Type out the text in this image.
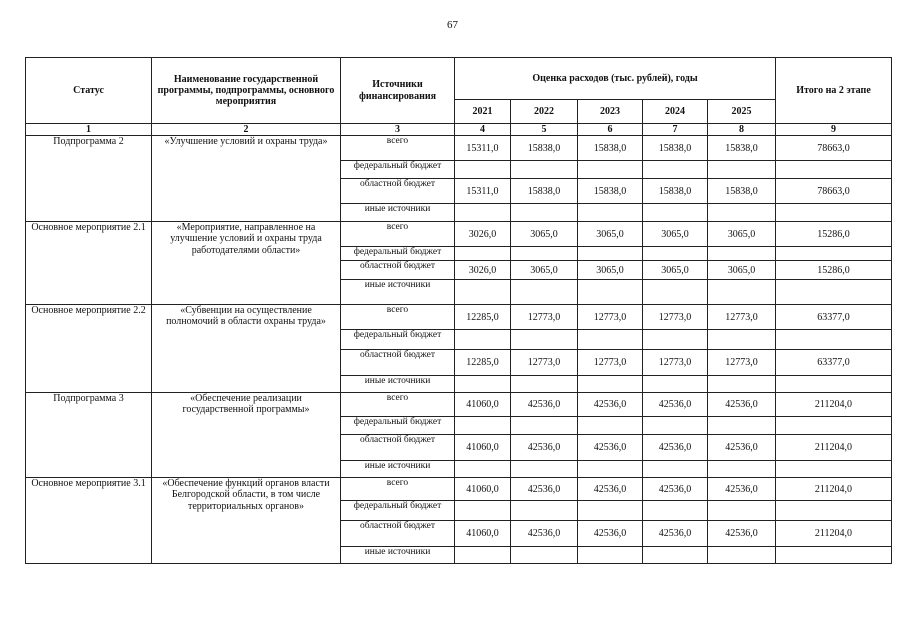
67
Статус	Наименование государственной программы, подпрограммы, основного мероприятия	Источники финансирования	Оценка расходов (тыс. рублей), годы					Итого на 2 этапе
			2021	2022	2023	2024	2025	
1	2	3	4	5	6	7	8	9
Подпрограмма 2	«Улучшение условий и охраны труда»	всего	15311,0	15838,0	15838,0	15838,0	15838,0	78663,0
		федеральный бюджет						
		областной бюджет	15311,0	15838,0	15838,0	15838,0	15838,0	78663,0
		иные источники						
Основное мероприятие 2.1	«Мероприятие, направленное на улучшение условий и охраны труда работодателями области»	всего	3026,0	3065,0	3065,0	3065,0	3065,0	15286,0
		федеральный бюджет						
		областной бюджет	3026,0	3065,0	3065,0	3065,0	3065,0	15286,0
		иные источники						
Основное мероприятие 2.2	«Субвенции на осуществление полномочий в области охраны труда»	всего	12285,0	12773,0	12773,0	12773,0	12773,0	63377,0
		федеральный бюджет						
		областной бюджет	12285,0	12773,0	12773,0	12773,0	12773,0	63377,0
		иные источники						
Подпрограмма 3	«Обеспечение реализации государственной программы»	всего	41060,0	42536,0	42536,0	42536,0	42536,0	211204,0
		федеральный бюджет						
		областной бюджет	41060,0	42536,0	42536,0	42536,0	42536,0	211204,0
		иные источники						
Основное мероприятие 3.1	«Обеспечение функций органов власти Белгородской области, в том числе территориальных органов»	всего	41060,0	42536,0	42536,0	42536,0	42536,0	211204,0
		федеральный бюджет						
		областной бюджет	41060,0	42536,0	42536,0	42536,0	42536,0	211204,0
		иные источники						
